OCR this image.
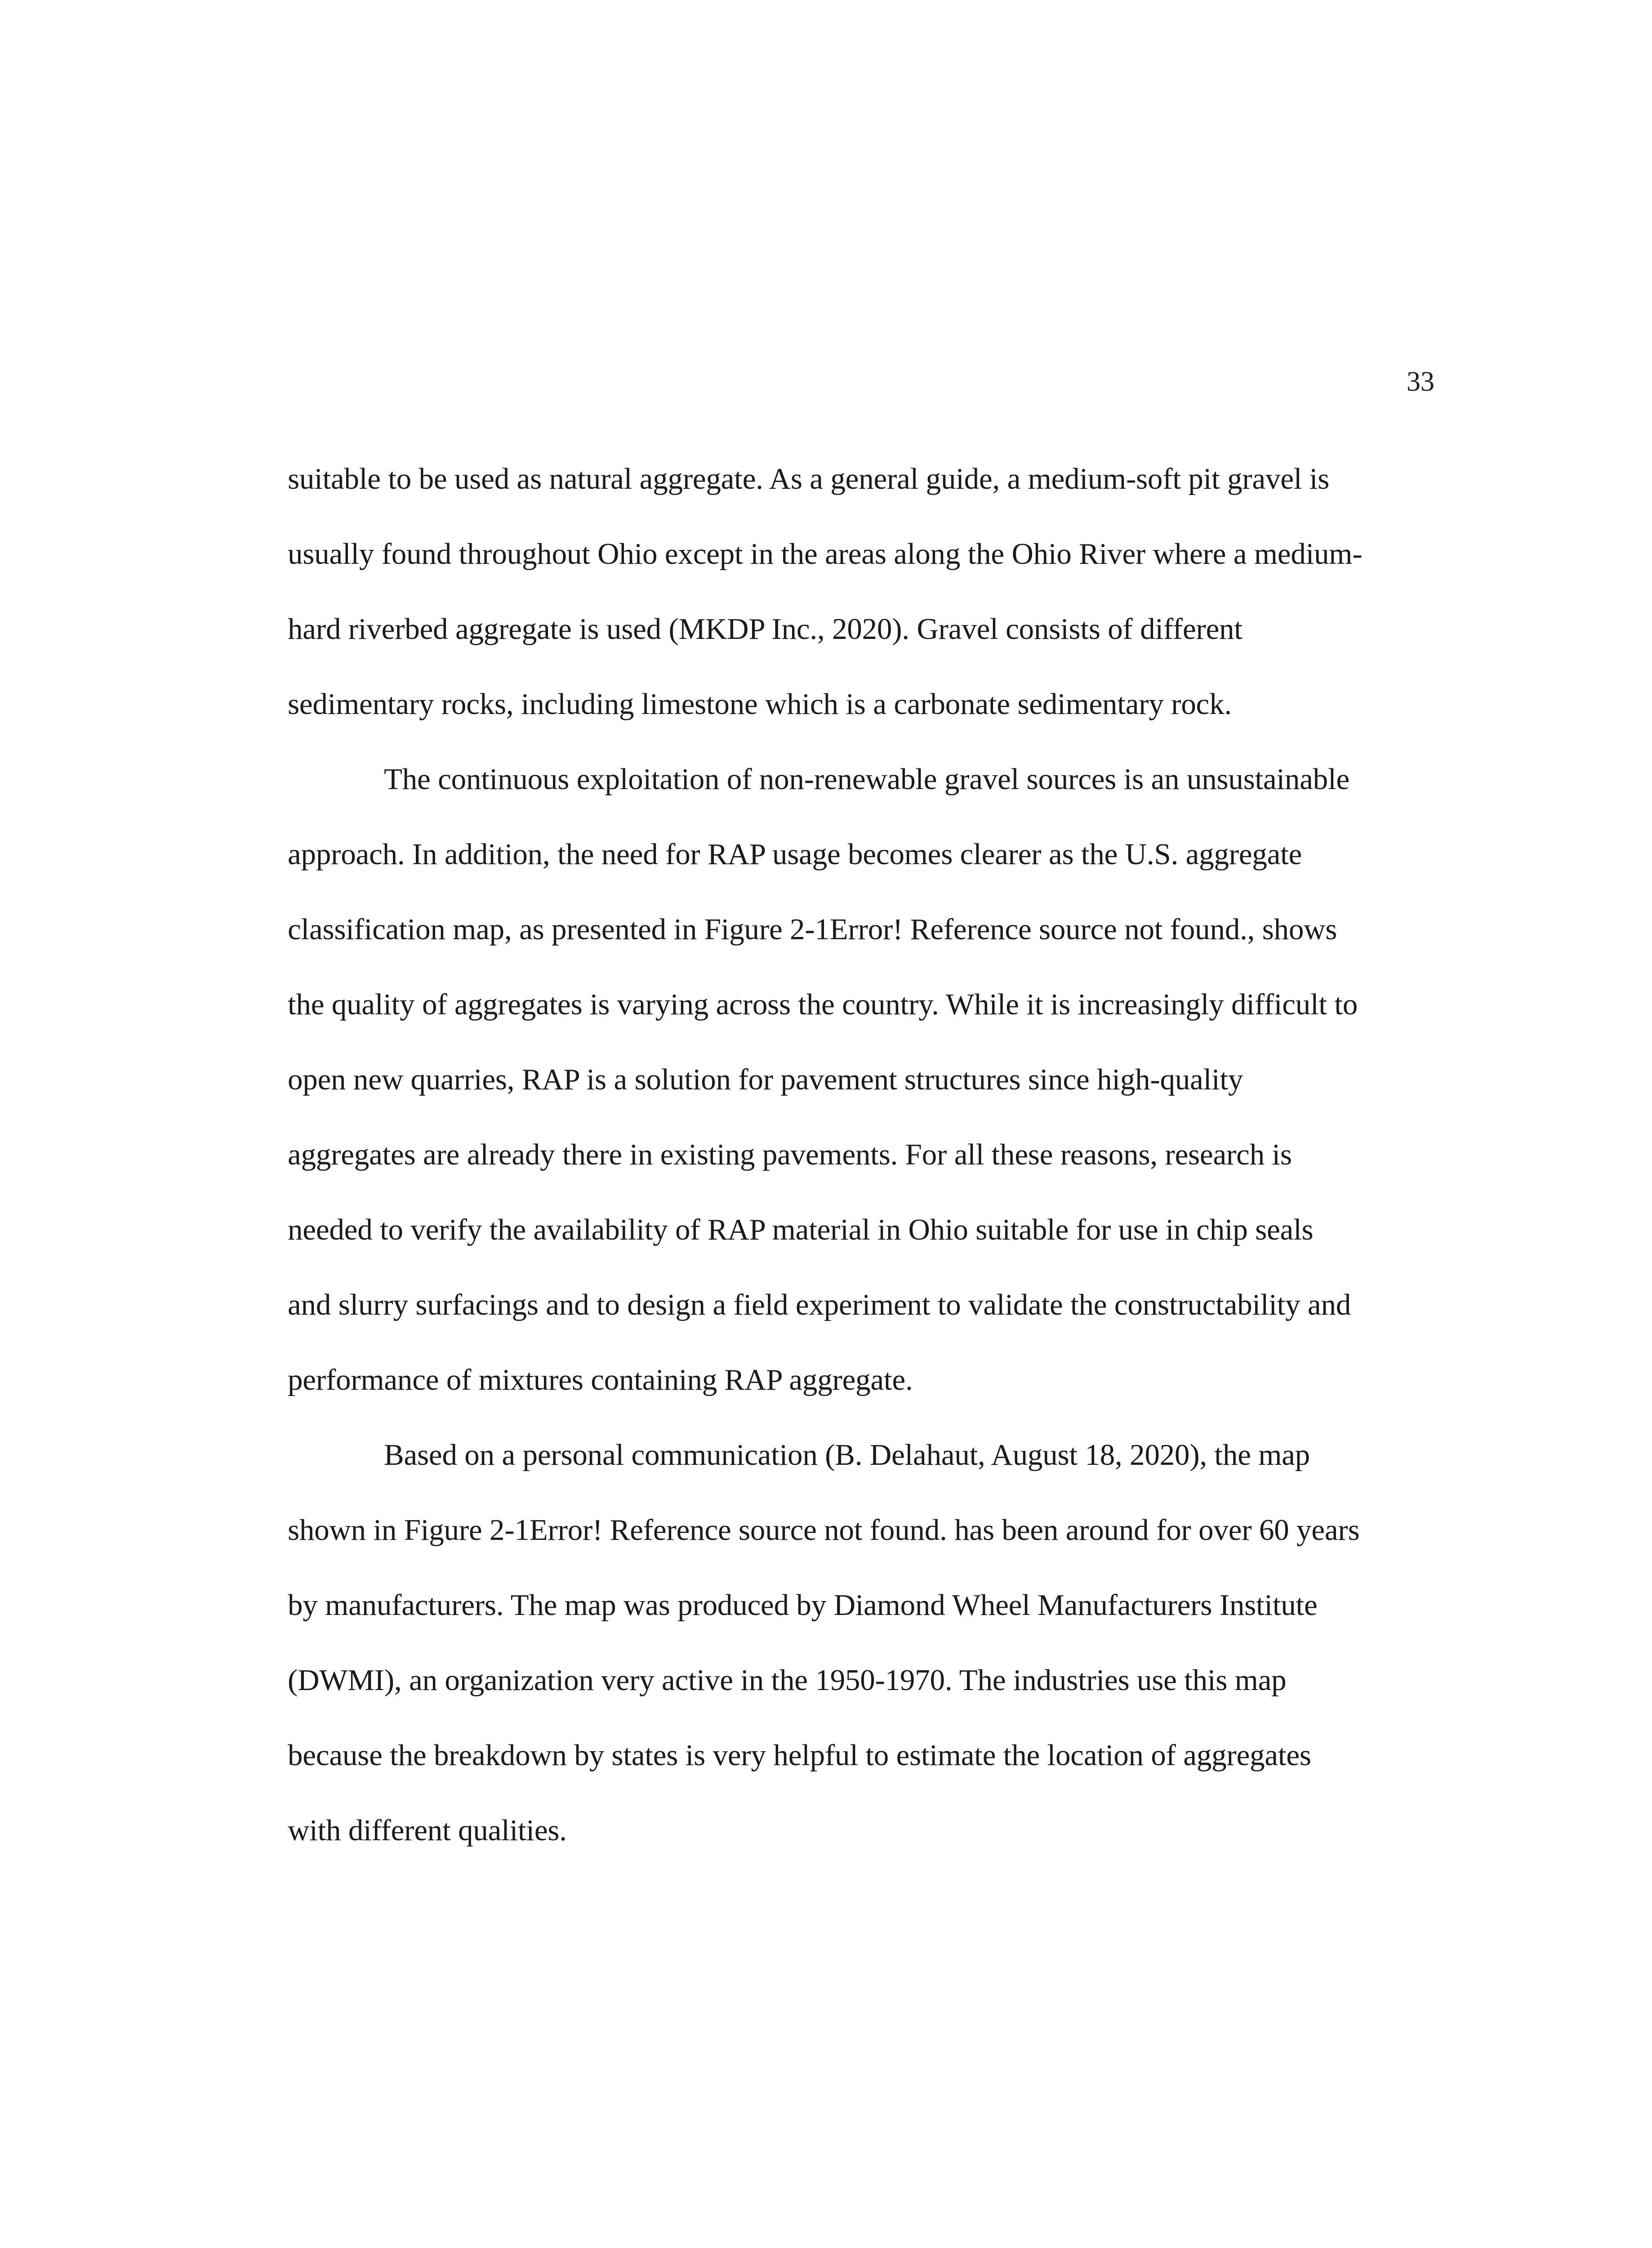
33
suitable to be used as natural aggregate. As a general guide, a medium-soft pit gravel is
usually found throughout Ohio except in the areas along the Ohio River where a medium-
hard riverbed aggregate is used (MKDP Inc., 2020). Gravel consists of different
sedimentary rocks, including limestone which is a carbonate sedimentary rock.
The continuous exploitation of non-renewable gravel sources is an unsustainable
approach. In addition, the need for RAP usage becomes clearer as the U.S. aggregate
classification map, as presented in Figure 2-1Error! Reference source not found., shows
the quality of aggregates is varying across the country. While it is increasingly difficult to
open new quarries, RAP is a solution for pavement structures since high-quality
aggregates are already there in existing pavements. For all these reasons, research is
needed to verify the availability of RAP material in Ohio suitable for use in chip seals
and slurry surfacings and to design a field experiment to validate the constructability and
performance of mixtures containing RAP aggregate.
Based on a personal communication (B. Delahaut, August 18, 2020), the map
shown in Figure 2-1Error! Reference source not found. has been around for over 60 years
by manufacturers. The map was produced by Diamond Wheel Manufacturers Institute
(DWMI), an organization very active in the 1950-1970. The industries use this map
because the breakdown by states is very helpful to estimate the location of aggregates
with different qualities.
